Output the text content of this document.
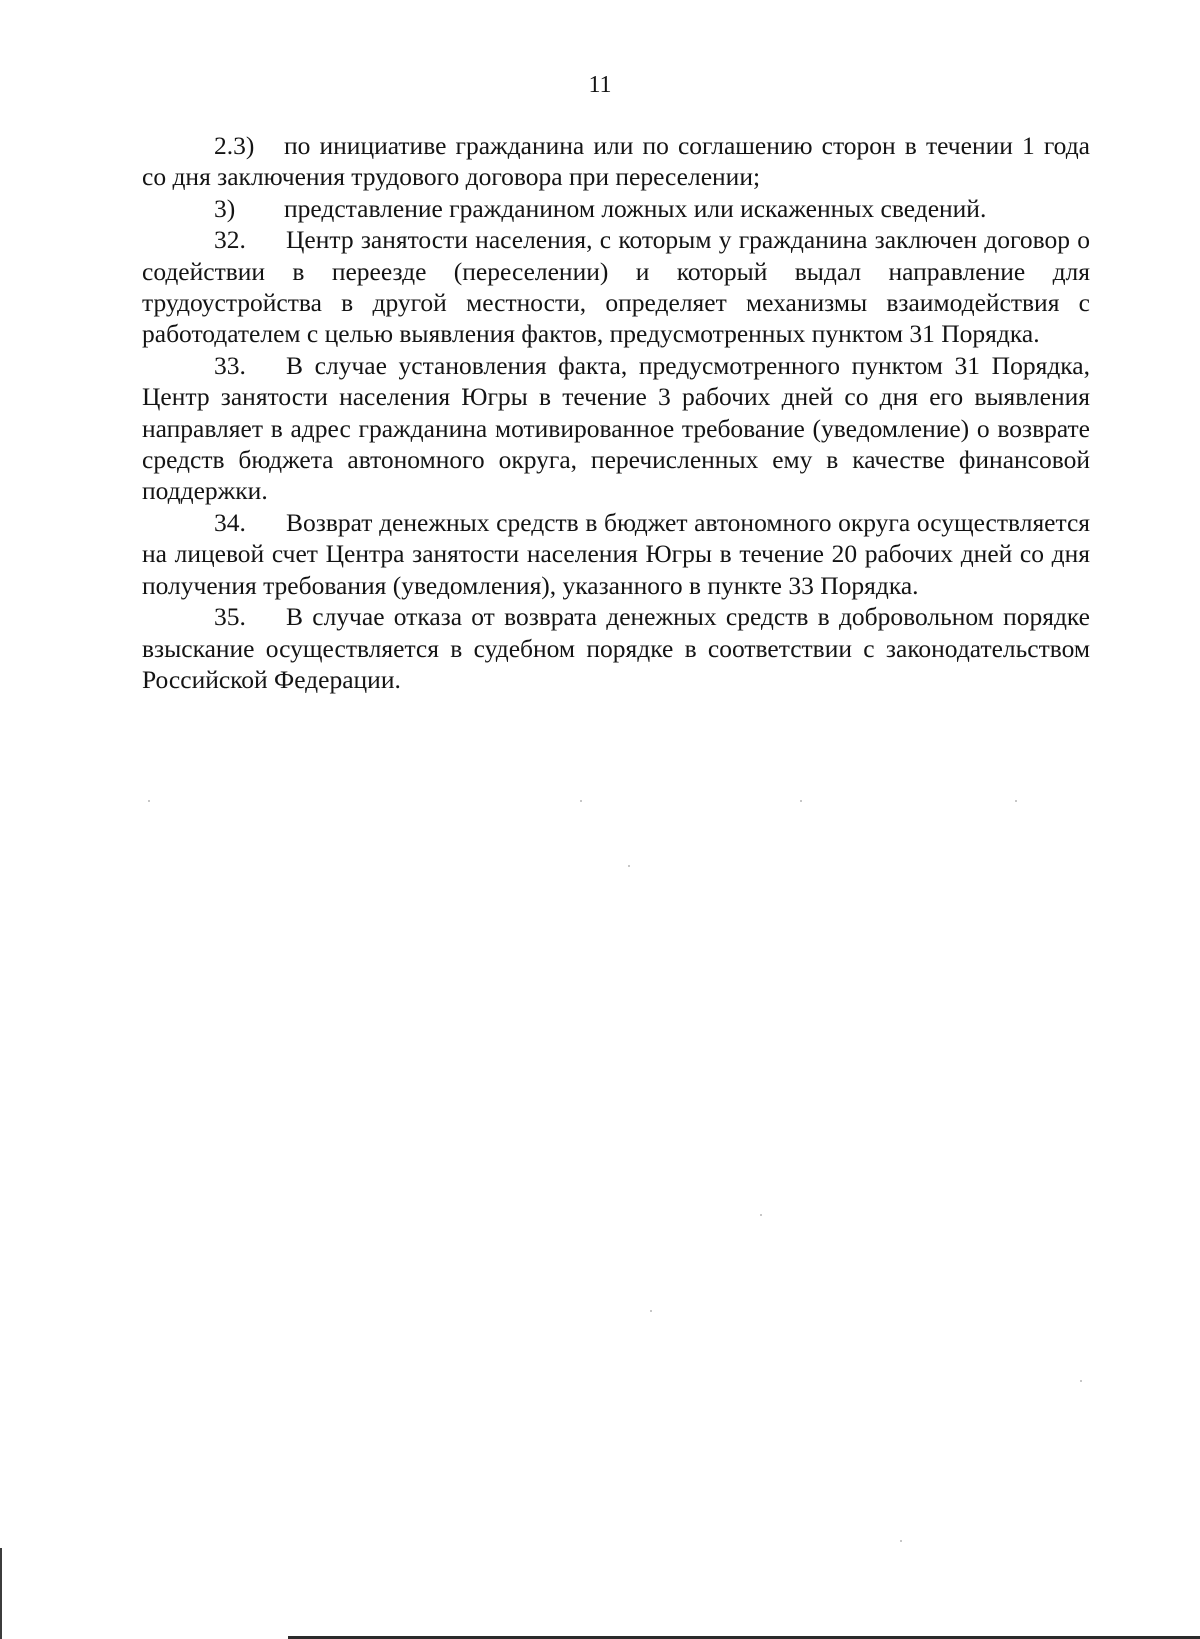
11

2.3) по инициативе гражданина или по соглашению сторон в течении 1 года со дня заключения трудового договора при переселении;

3) представление гражданином ложных или искаженных сведений.

32. Центр занятости населения, с которым у гражданина заключен договор о содействии в переезде (переселении) и который выдал направление для трудоустройства в другой местности, определяет механизмы взаимодействия с работодателем с целью выявления фактов, предусмотренных пунктом 31 Порядка.

33. В случае установления факта, предусмотренного пунктом 31 Порядка, Центр занятости населения Югры в течение 3 рабочих дней со дня его выявления направляет в адрес гражданина мотивированное требование (уведомление) о возврате средств бюджета автономного округа, перечисленных ему в качестве финансовой поддержки.

34. Возврат денежных средств в бюджет автономного округа осуществляется на лицевой счет Центра занятости населения Югры в течение 20 рабочих дней со дня получения требования (уведомления), указанного в пункте 33 Порядка.

35. В случае отказа от возврата денежных средств в добровольном порядке взыскание осуществляется в судебном порядке в соответствии с законодательством Российской Федерации.
